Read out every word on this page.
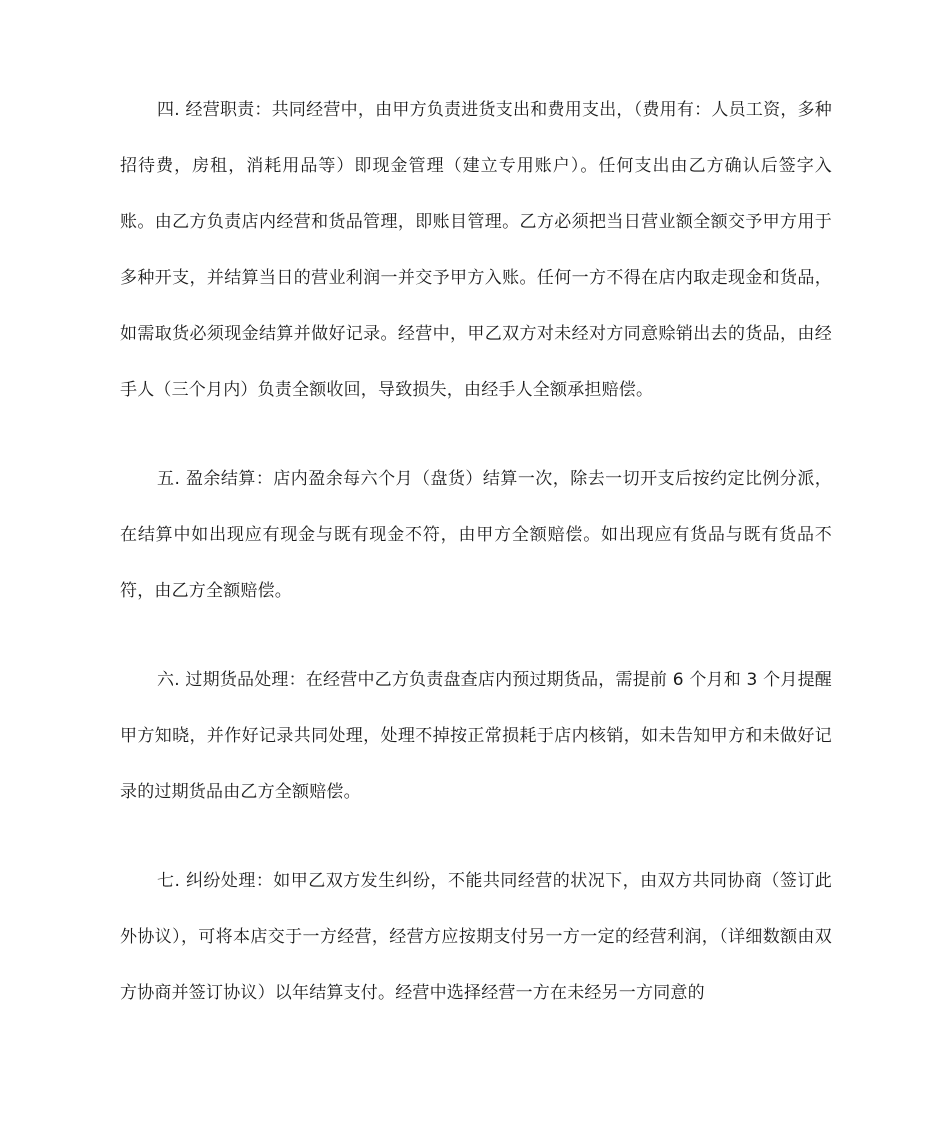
四. 经营职责：共同经营中，由甲方负责进货支出和费用支出，（费用有：人员工资，多种招待费，房租，消耗用品等）即现金管理（建立专用账户）。任何支出由乙方确认后签字入账。由乙方负责店内经营和货品管理，即账目管理。乙方必须把当日营业额全额交予甲方用于多种开支，并结算当日的营业利润一并交予甲方入账。任何一方不得在店内取走现金和货品，如需取货必须现金结算并做好记录。经营中，甲乙双方对未经对方同意赊销出去的货品，由经手人（三个月内）负责全额收回，导致损失，由经手人全额承担赔偿。

五. 盈余结算：店内盈余每六个月（盘货）结算一次，除去一切开支后按约定比例分派，在结算中如出现应有现金与既有现金不符，由甲方全额赔偿。如出现应有货品与既有货品不符，由乙方全额赔偿。

六. 过期货品处理：在经营中乙方负责盘查店内预过期货品，需提前 6 个月和 3 个月提醒甲方知晓，并作好记录共同处理，处理不掉按正常损耗于店内核销，如未告知甲方和未做好记录的过期货品由乙方全额赔偿。

七. 纠纷处理：如甲乙双方发生纠纷，不能共同经营的状况下，由双方共同协商（签订此外协议），可将本店交于一方经营，经营方应按期支付另一方一定的经营利润，（详细数额由双方协商并签订协议）以年结算支付。经营中选择经营一方在未经另一方同意的
